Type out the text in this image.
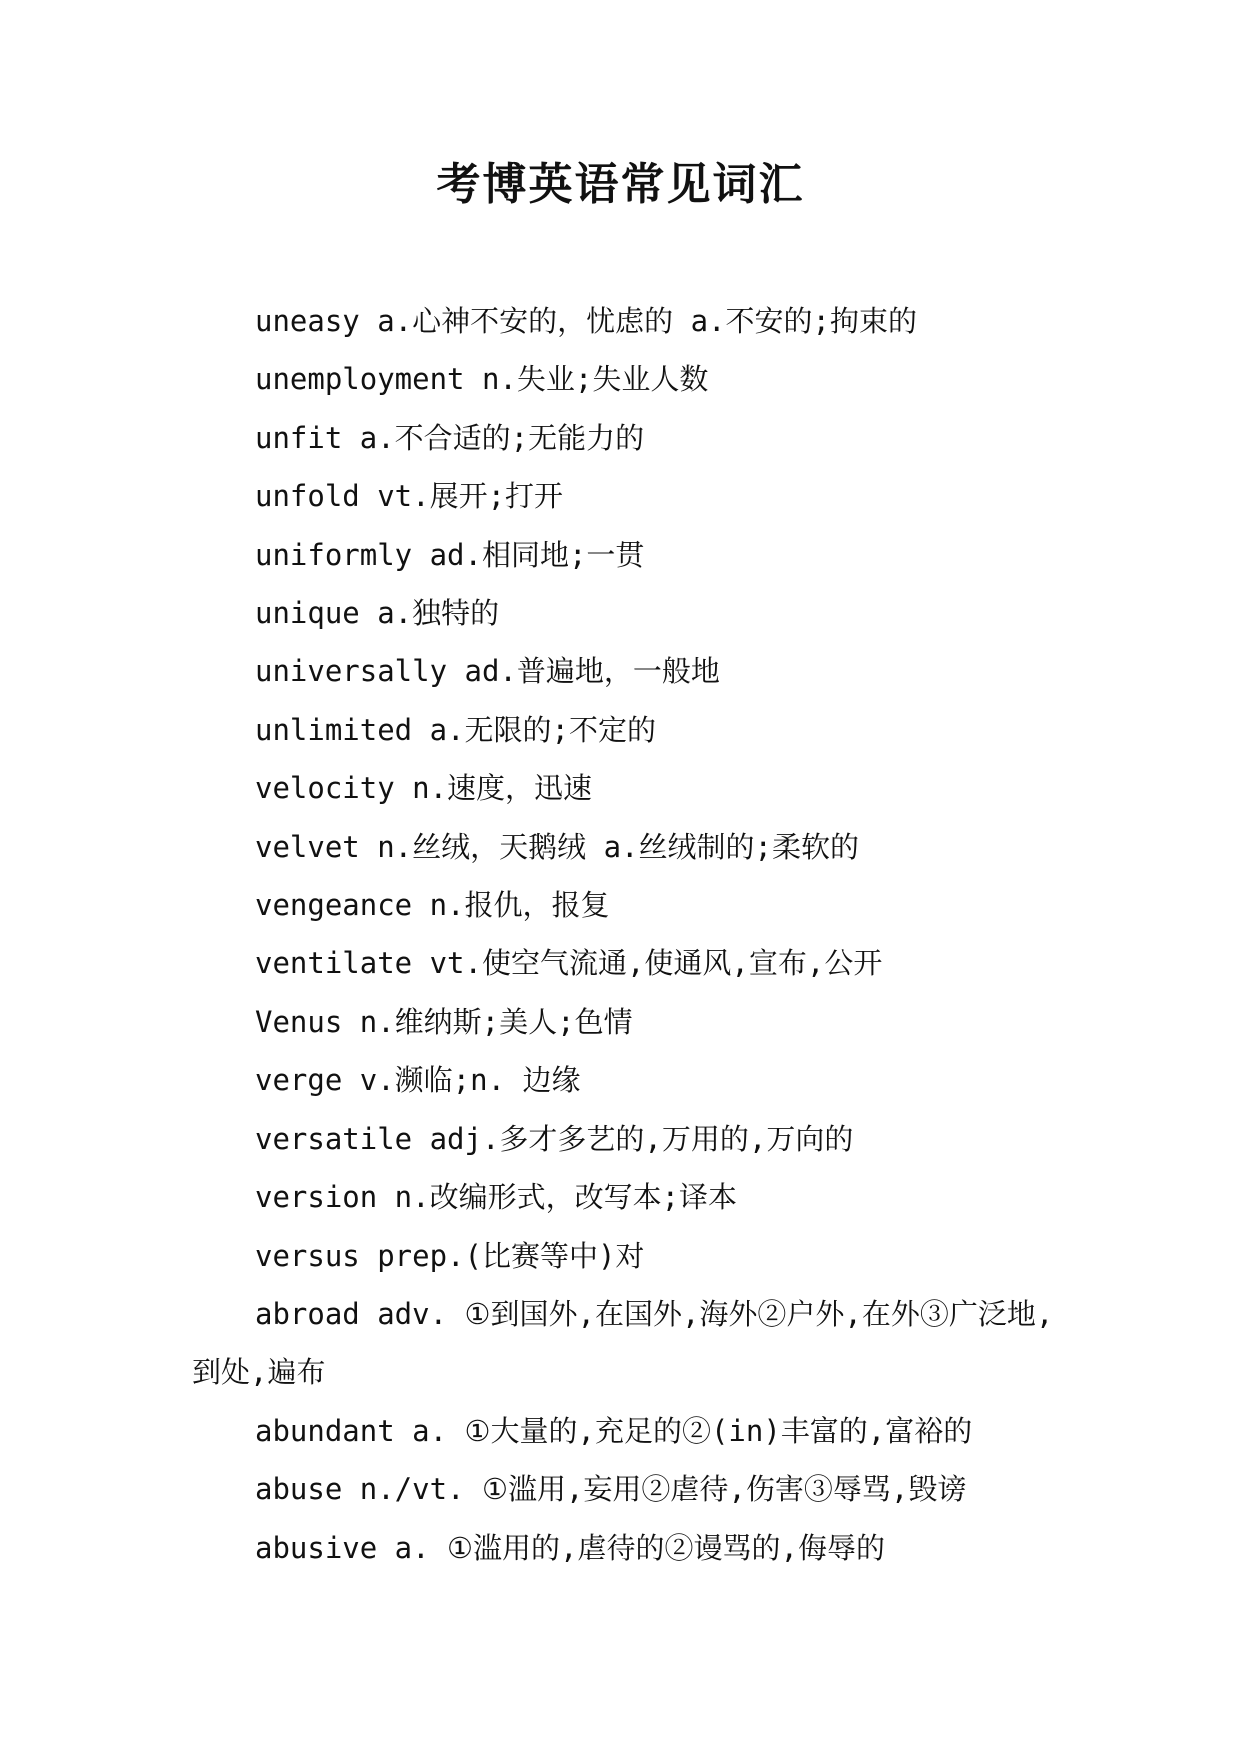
考博英语常见词汇
uneasy a.心神不安的，忧虑的 a.不安的;拘束的
unemployment n.失业;失业人数
unfit a.不合适的;无能力的
unfold vt.展开;打开
uniformly ad.相同地;一贯
unique a.独特的
universally ad.普遍地，一般地
unlimited a.无限的;不定的
velocity n.速度，迅速
velvet n.丝绒，天鹅绒 a.丝绒制的;柔软的
vengeance n.报仇，报复
ventilate vt.使空气流通,使通风,宣布,公开
Venus n.维纳斯;美人;色情
verge v.濒临;n. 边缘
versatile adj.多才多艺的,万用的,万向的
version n.改编形式，改写本;译本
versus prep.(比赛等中)对
abroad adv. ①到国外,在国外,海外②户外,在外③广泛地,到处,遍布
abundant a. ①大量的,充足的②(in)丰富的,富裕的
abuse n./vt. ①滥用,妄用②虐待,伤害③辱骂,毁谤
abusive a. ①滥用的,虐待的②谩骂的,侮辱的
